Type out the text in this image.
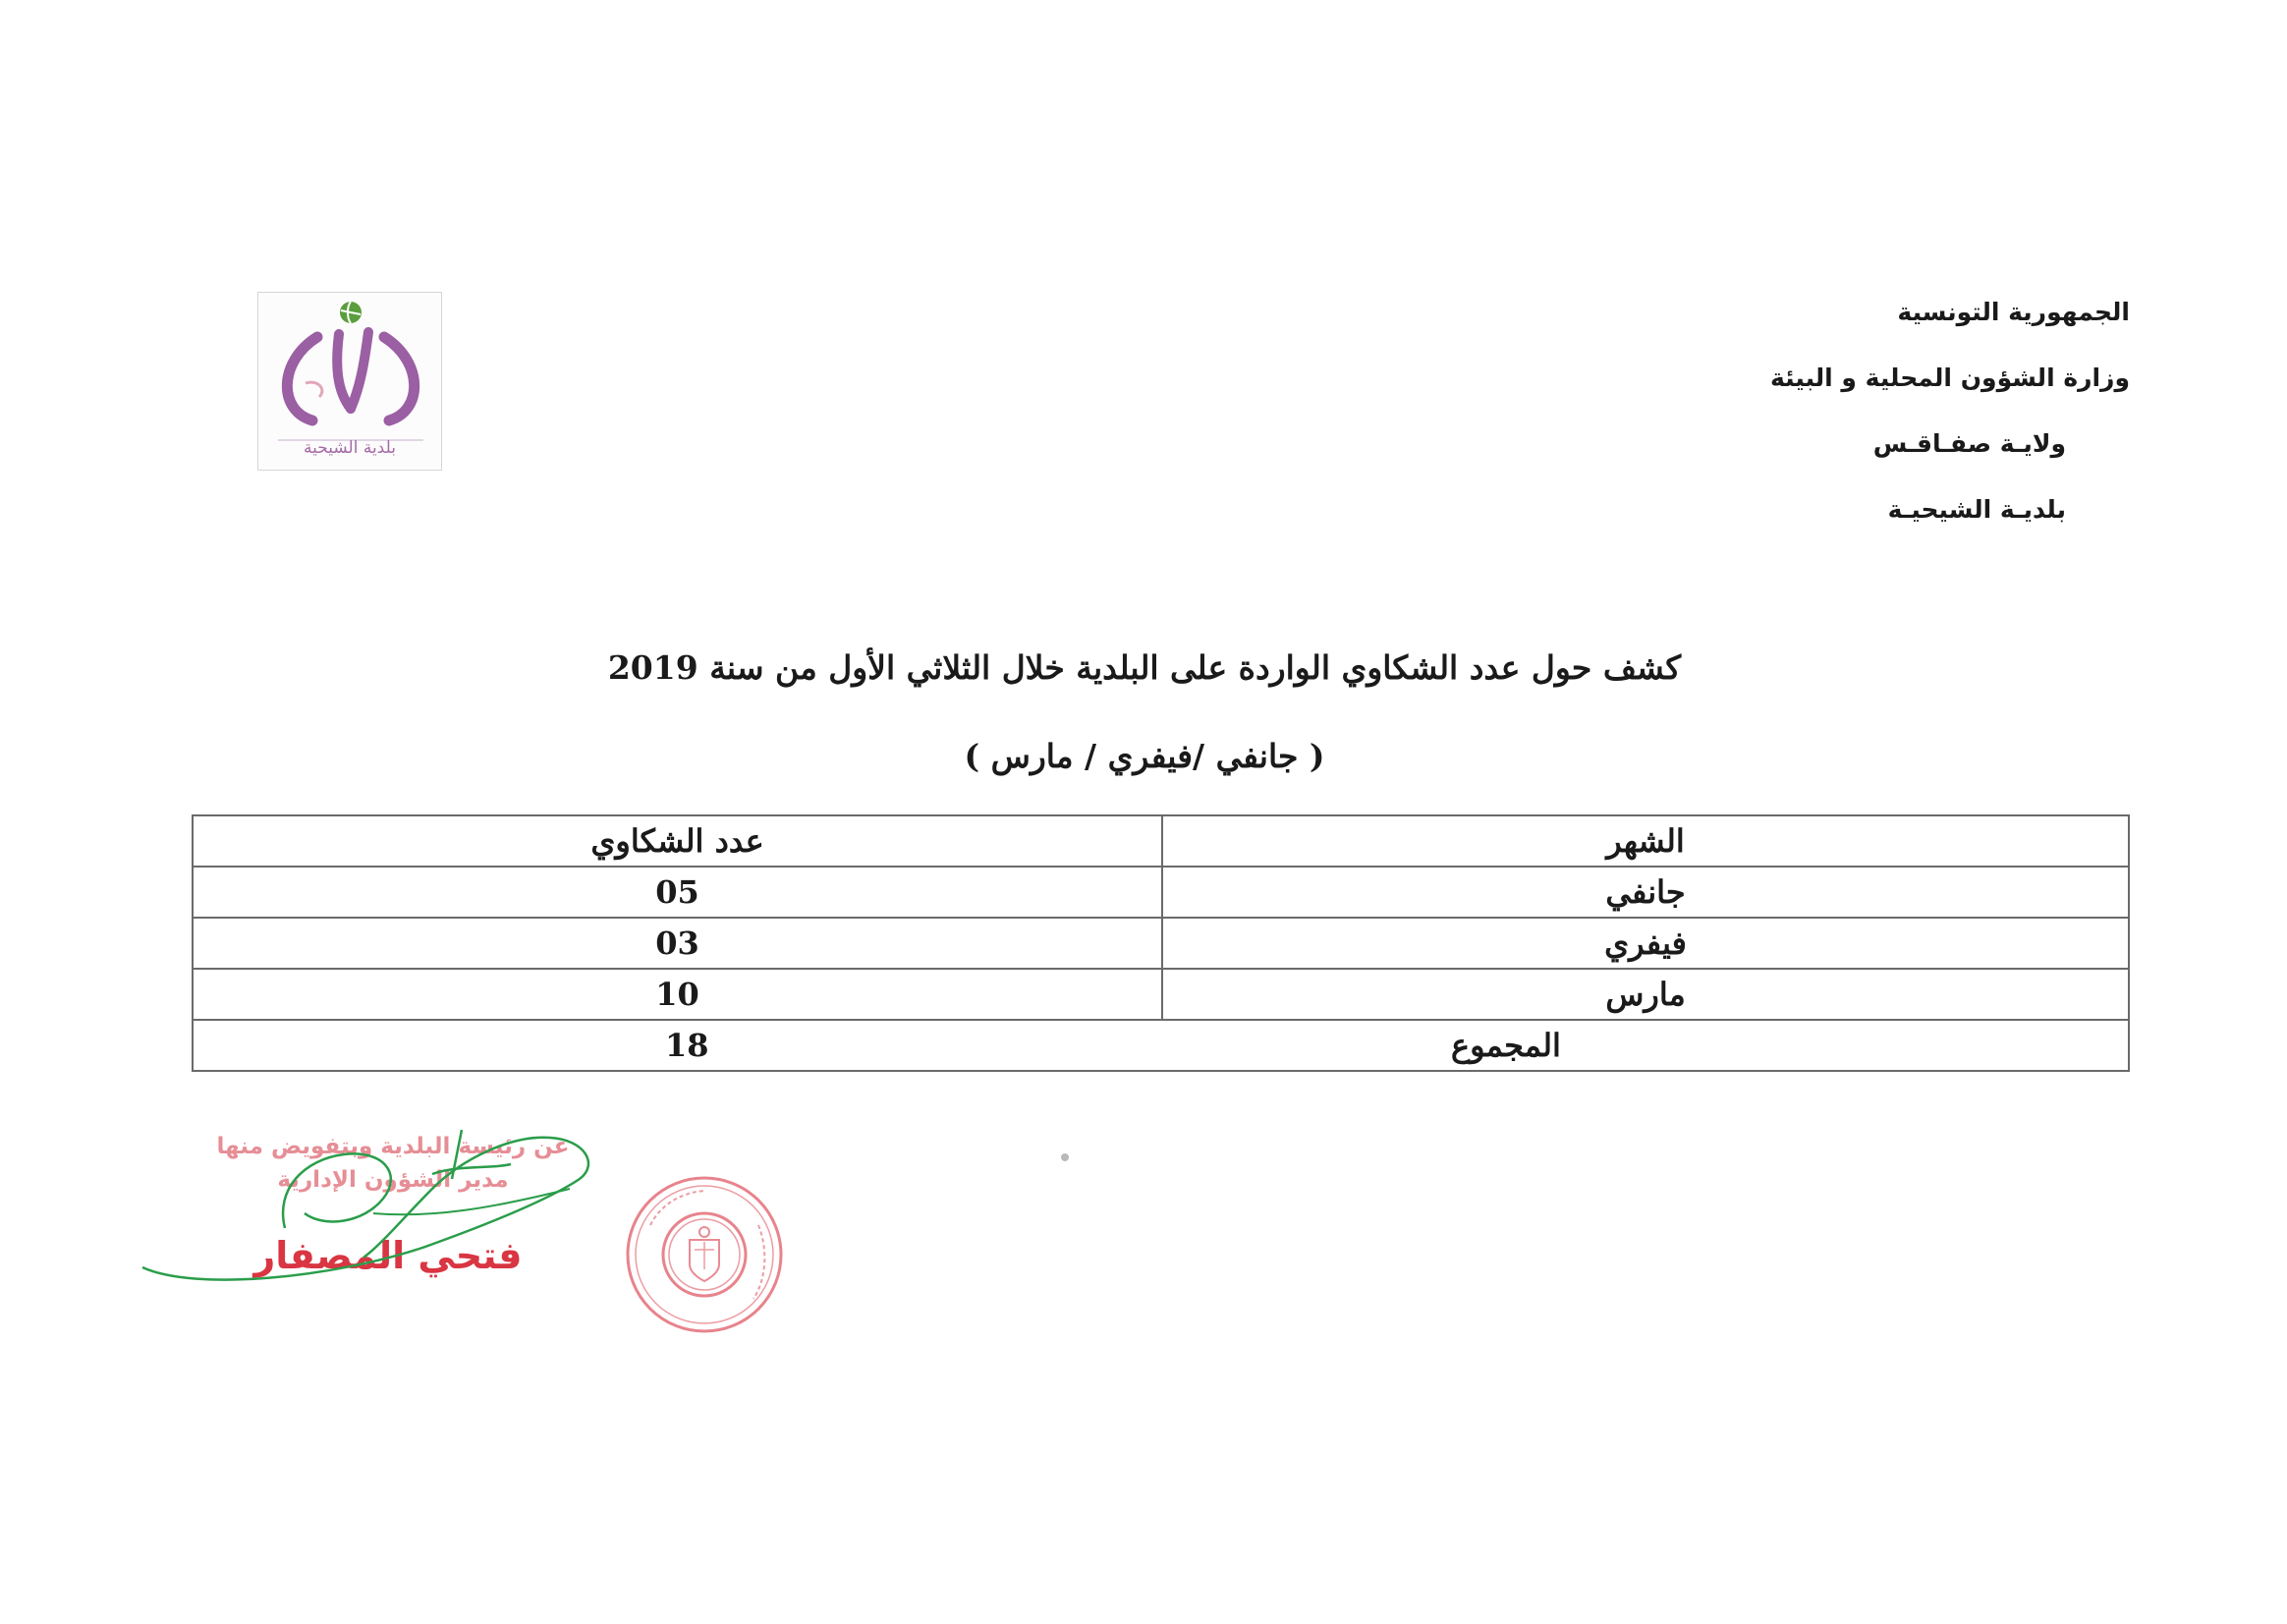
الجمهورية التونسية
وزارة الشؤون المحلية و البيئة
ولايـة صفـاقـس
بلديـة الشيحيـة
بلدية الشيحية
كشف حول عدد الشكاوي الواردة على البلدية خلال الثلاثي الأول من سنة 2019
( جانفي /فيفري / مارس )
عدد الشكاوي	الشهر
05	جانفي
03	فيفري
10	مارس

18 المجموع	
عن رئيسة البلدية وبتفويض منها
مدير الشؤون الإدارية
فتحي المصفار
